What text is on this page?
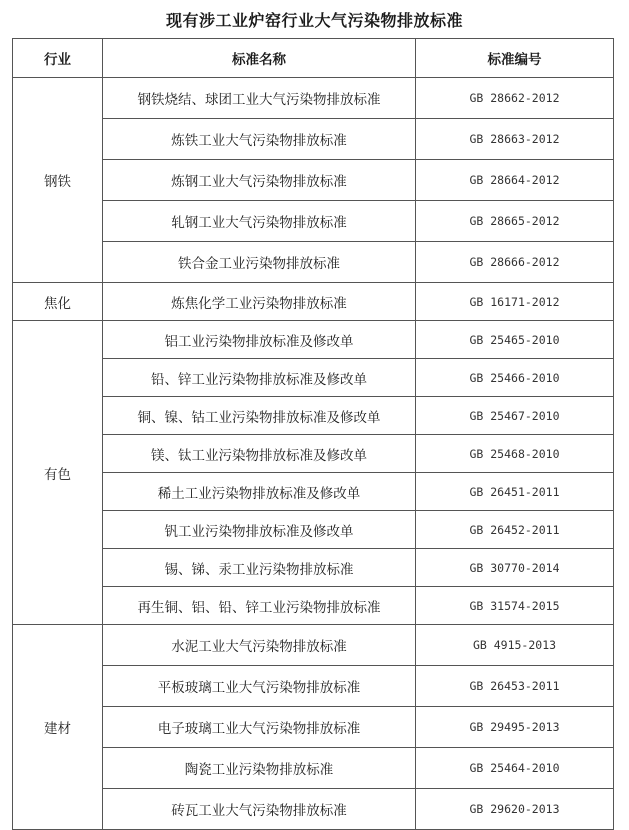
现有涉工业炉窑行业大气污染物排放标准
行业	标准名称	标准编号
钢铁	钢铁烧结、球团工业大气污染物排放标准	GB 28662-2012
	炼铁工业大气污染物排放标准	GB 28663-2012
	炼钢工业大气污染物排放标准	GB 28664-2012
	轧钢工业大气污染物排放标准	GB 28665-2012
	铁合金工业污染物排放标准	GB 28666-2012
焦化	炼焦化学工业污染物排放标准	GB 16171-2012
有色	铝工业污染物排放标准及修改单	GB 25465-2010
	铅、锌工业污染物排放标准及修改单	GB 25466-2010
	铜、镍、钴工业污染物排放标准及修改单	GB 25467-2010
	镁、钛工业污染物排放标准及修改单	GB 25468-2010
	稀土工业污染物排放标准及修改单	GB 26451-2011
	钒工业污染物排放标准及修改单	GB 26452-2011
	锡、锑、汞工业污染物排放标准	GB 30770-2014
	再生铜、铝、铅、锌工业污染物排放标准	GB 31574-2015
建材	水泥工业大气污染物排放标准	GB 4915-2013
	平板玻璃工业大气污染物排放标准	GB 26453-2011
	电子玻璃工业大气污染物排放标准	GB 29495-2013
	陶瓷工业污染物排放标准	GB 25464-2010
	砖瓦工业大气污染物排放标准	GB 29620-2013
